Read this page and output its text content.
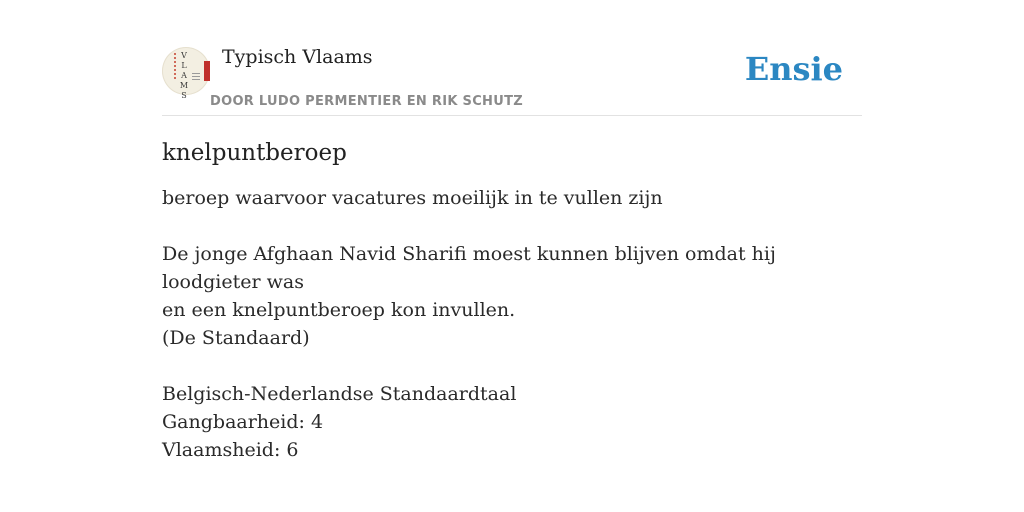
V
L
A
M
S
Typisch Vlaams
DOOR LUDO PERMENTIER EN RIK SCHUTZ
Ensie
knelpuntberoep

beroep waarvoor vacatures moeilijk in te vullen zijn

De jonge Afghaan Navid Sharifi moest kunnen blijven omdat hij loodgieter was

en een knelpuntberoep kon invullen.

(De Standaard)

Belgisch-Nederlandse Standaardtaal

Gangbaarheid: 4

Vlaamsheid: 6
